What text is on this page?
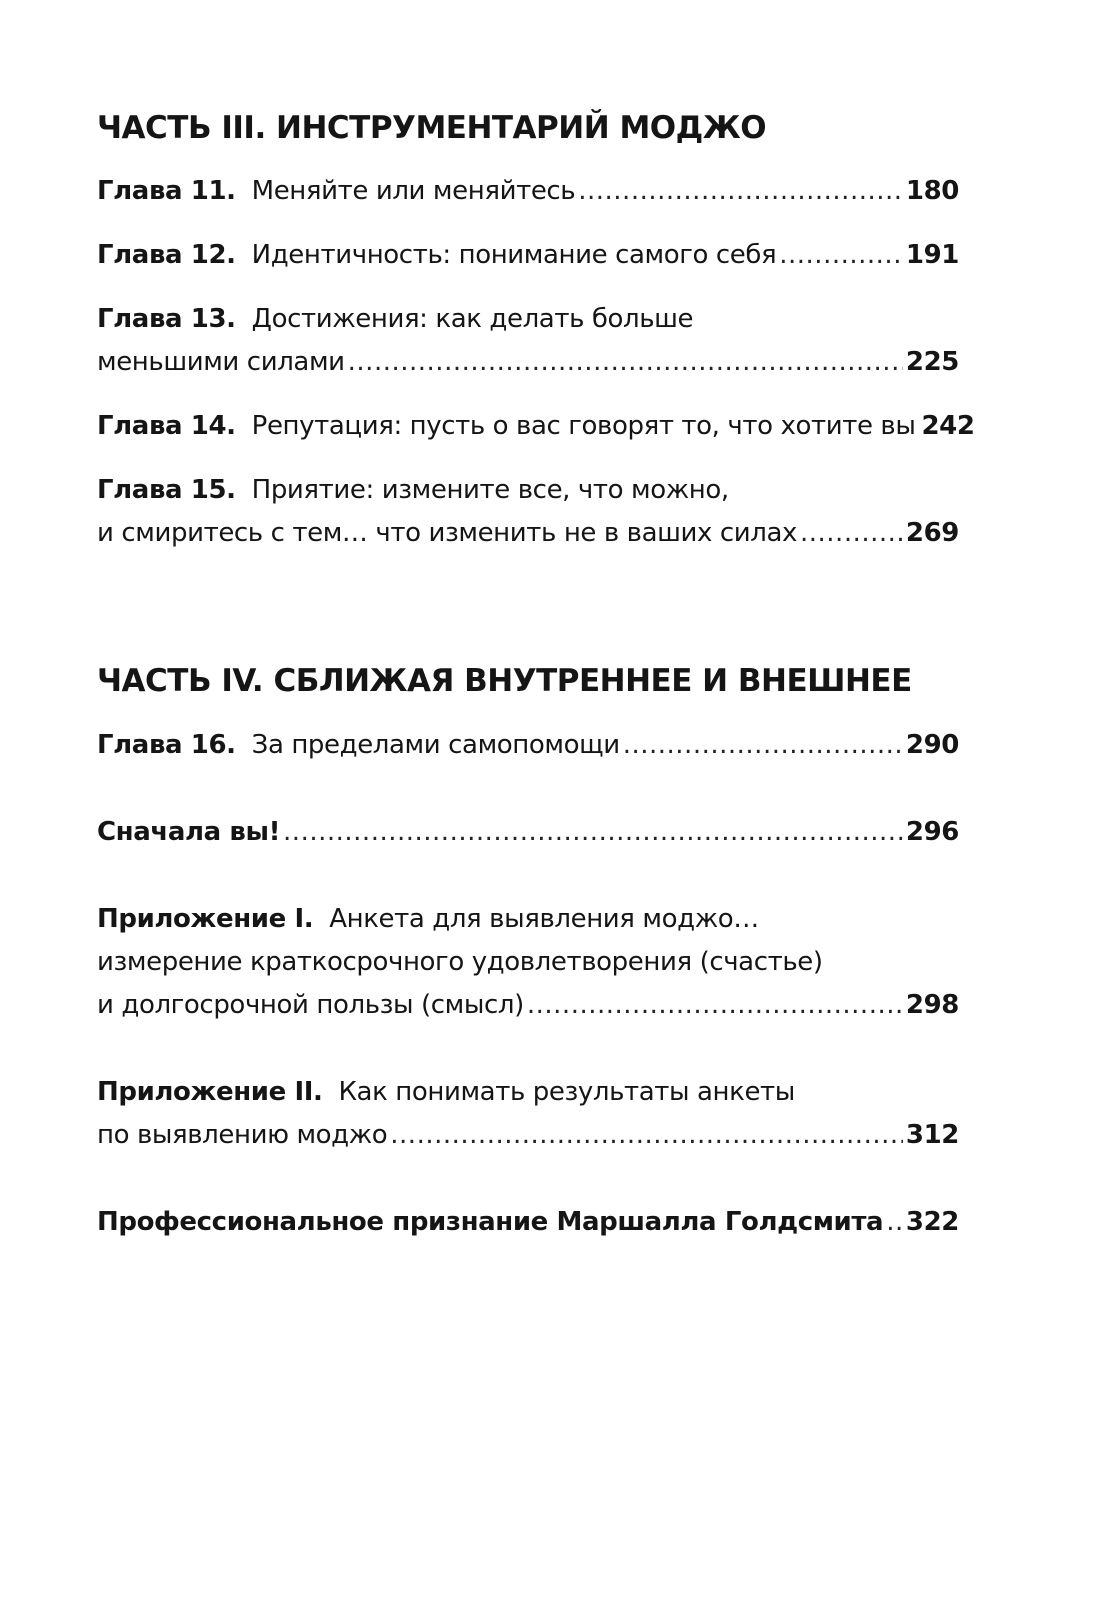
ЧАСТЬ III. ИНСТРУМЕНТАРИЙ МОДЖО
Глава 11. Меняйте или меняйтесь .....	180
Глава 12. Идентичность: понимание самого себя .....	191
Глава 13. Достижения: как делать больше
меньшими силами .....	225
Глава 14. Репутация: пусть о вас говорят то, что хотите вы 242
Глава 15. Приятие: измените все, что можно,
и смиритесь с тем… что изменить не в ваших силах .....	269
ЧАСТЬ IV. СБЛИЖАЯ ВНУТРЕННЕЕ И ВНЕШНЕЕ
Глава 16. За пределами самопомощи .....	290
Сначала вы! .....	296
Приложение I. Анкета для выявления моджо…
измерение краткосрочного удовлетворения (счастье)
и долгосрочной пользы (смысл) .....	298
Приложение II. Как понимать результаты анкеты
по выявлению моджо .....	312
Профессиональное признание Маршалла Голдсмита ..... 322
